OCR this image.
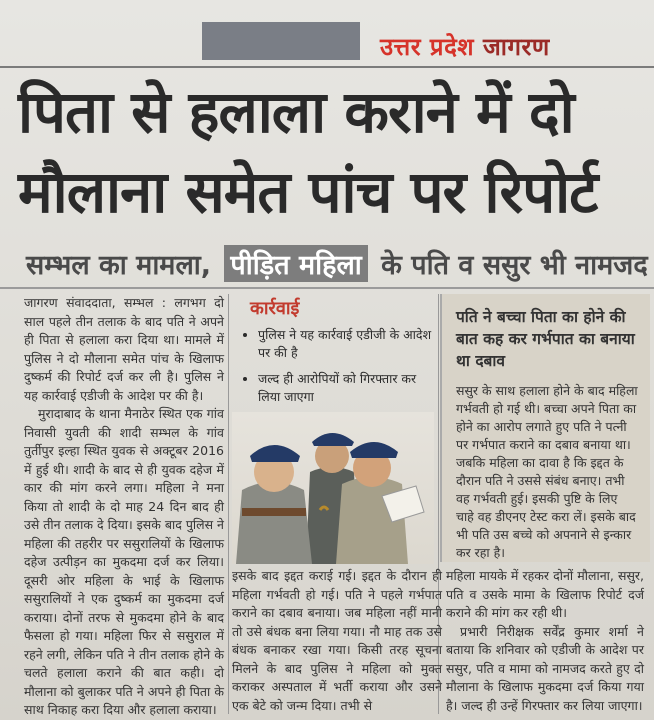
उत्तर प्रदेश जागरण
पिता से हलाला कराने में दो
मौलाना समेत पांच पर रिपोर्ट
सम्भल का मामला, पीड़ित महिला के पति व ससुर भी नामजद

जागरण संवाददाता, सम्भल : लगभग दो साल पहले तीन तलाक के बाद पति ने अपने ही पिता से हलाला करा दिया था। मामले में पुलिस ने दो मौलाना समेत पांच के खिलाफ दुष्कर्म की रिपोर्ट दर्ज कर ली है। पुलिस ने यह कार्रवाई एडीजी के आदेश पर की है।

मुरादाबाद के थाना मैनाठेर स्थित एक गांव निवासी युवती की शादी सम्भल के गांव तुर्तीपुर इल्हा स्थित युवक से अक्टूबर 2016 में हुई थी। शादी के बाद से ही युवक दहेज में कार की मांग करने लगा। महिला ने मना किया तो शादी के दो माह 24 दिन बाद ही उसे तीन तलाक दे दिया। इसके बाद पुलिस ने महिला की तहरीर पर ससुरालियों के खिलाफ दहेज उत्पीड़न का मुकदमा दर्ज कर लिया। दूसरी ओर महिला के भाई के खिलाफ ससुरालियों ने एक दुष्कर्म का मुकदमा दर्ज कराया। दोनों तरफ से मुकदमा होने के बाद फैसला हो गया। महिला फिर से ससुराल में रहने लगी, लेकिन पति ने तीन तलाक होने के चलते हलाला कराने की बात कही। दो मौलाना को बुलाकर पति ने अपने ही पिता के साथ निकाह करा दिया और हलाला कराया।

कार्रवाई
• पुलिस ने यह कार्रवाई एडीजी के आदेश पर की है
• जल्द ही आरोपियों को गिरफ्तार कर लिया जाएगा
पति ने बच्चा पिता का होने की बात कह कर गर्भपात का बनाया था दबाव
ससुर के साथ हलाला होने के बाद महिला गर्भवती हो गई थी। बच्चा अपने पिता का होने का आरोप लगाते हुए पति ने पत्नी पर गर्भपात कराने का दबाव बनाया था। जबकि महिला का दावा है कि इद्दत के दौरान पति ने उससे संबंध बनाए। तभी वह गर्भवती हुई। इसकी पुष्टि के लिए चाहे वह डीएनए टेस्ट करा लें। इसके बाद भी पति उस बच्चे को अपनाने से इन्कार कर रहा है।

इसके बाद इद्दत कराई गई। इद्दत के दौरान ही महिला गर्भवती हो गई। पति ने पहले गर्भपात कराने का दबाव बनाया। जब महिला नहीं मानी तो उसे बंधक बना लिया गया। नौ माह तक उसे बंधक बनाकर रखा गया। किसी तरह सूचना मिलने के बाद पुलिस ने महिला को मुक्त कराकर अस्पताल में भर्ती कराया और उसने एक बेटे को जन्म दिया। तभी से

महिला मायके में रहकर दोनों मौलाना, ससुर, पति व उसके मामा के खिलाफ रिपोर्ट दर्ज कराने की मांग कर रही थी।

प्रभारी निरीक्षक सर्वेंद्र कुमार शर्मा ने बताया कि शनिवार को एडीजी के आदेश पर ससुर, पति व मामा को नामजद करते हुए दो मौलाना के खिलाफ मुकदमा दर्ज किया गया है। जल्द ही उन्हें गिरफ्तार कर लिया जाएगा।
